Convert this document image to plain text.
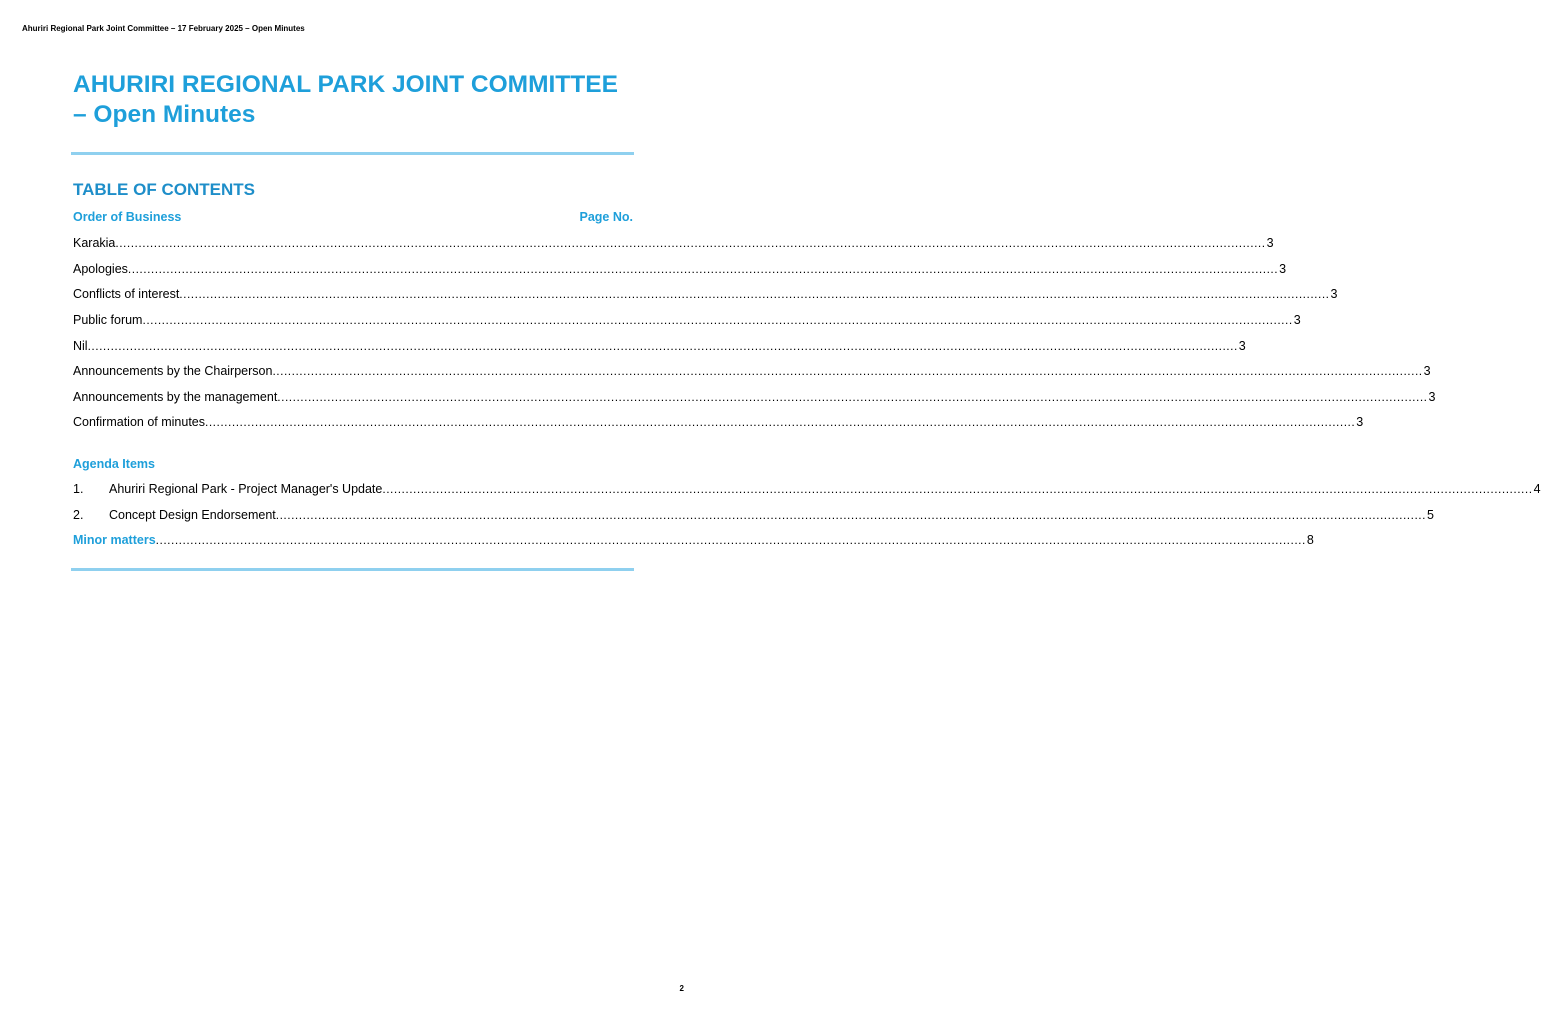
Ahuriri Regional Park Joint Committee – 17 February 2025 – Open Minutes
AHURIRI REGIONAL PARK JOINT COMMITTEE
– Open Minutes
TABLE OF CONTENTS
Order of Business	Page No.
Karakia ............................................................................................................................................................................................................................................................................................................ 3
Apologies ............................................................................................................................................................................................................................................................................................................ 3
Conflicts of interest ............................................................................................................................................................................................................................................................................................................ 3
Public forum ............................................................................................................................................................................................................................................................................................................ 3
Nil ............................................................................................................................................................................................................................................................................................................ 3
Announcements by the Chairperson ............................................................................................................................................................................................................................................................................................................ 3
Announcements by the management ............................................................................................................................................................................................................................................................................................................ 3
Confirmation of minutes ............................................................................................................................................................................................................................................................................................................ 3
Agenda Items
1.	Ahuriri Regional Park - Project Manager's Update ............................................................................................................................................................................................................................................................................................................ 4
2.	Concept Design Endorsement ............................................................................................................................................................................................................................................................................................................ 5
Minor matters ............................................................................................................................................................................................................................................................................................................ 8
2
